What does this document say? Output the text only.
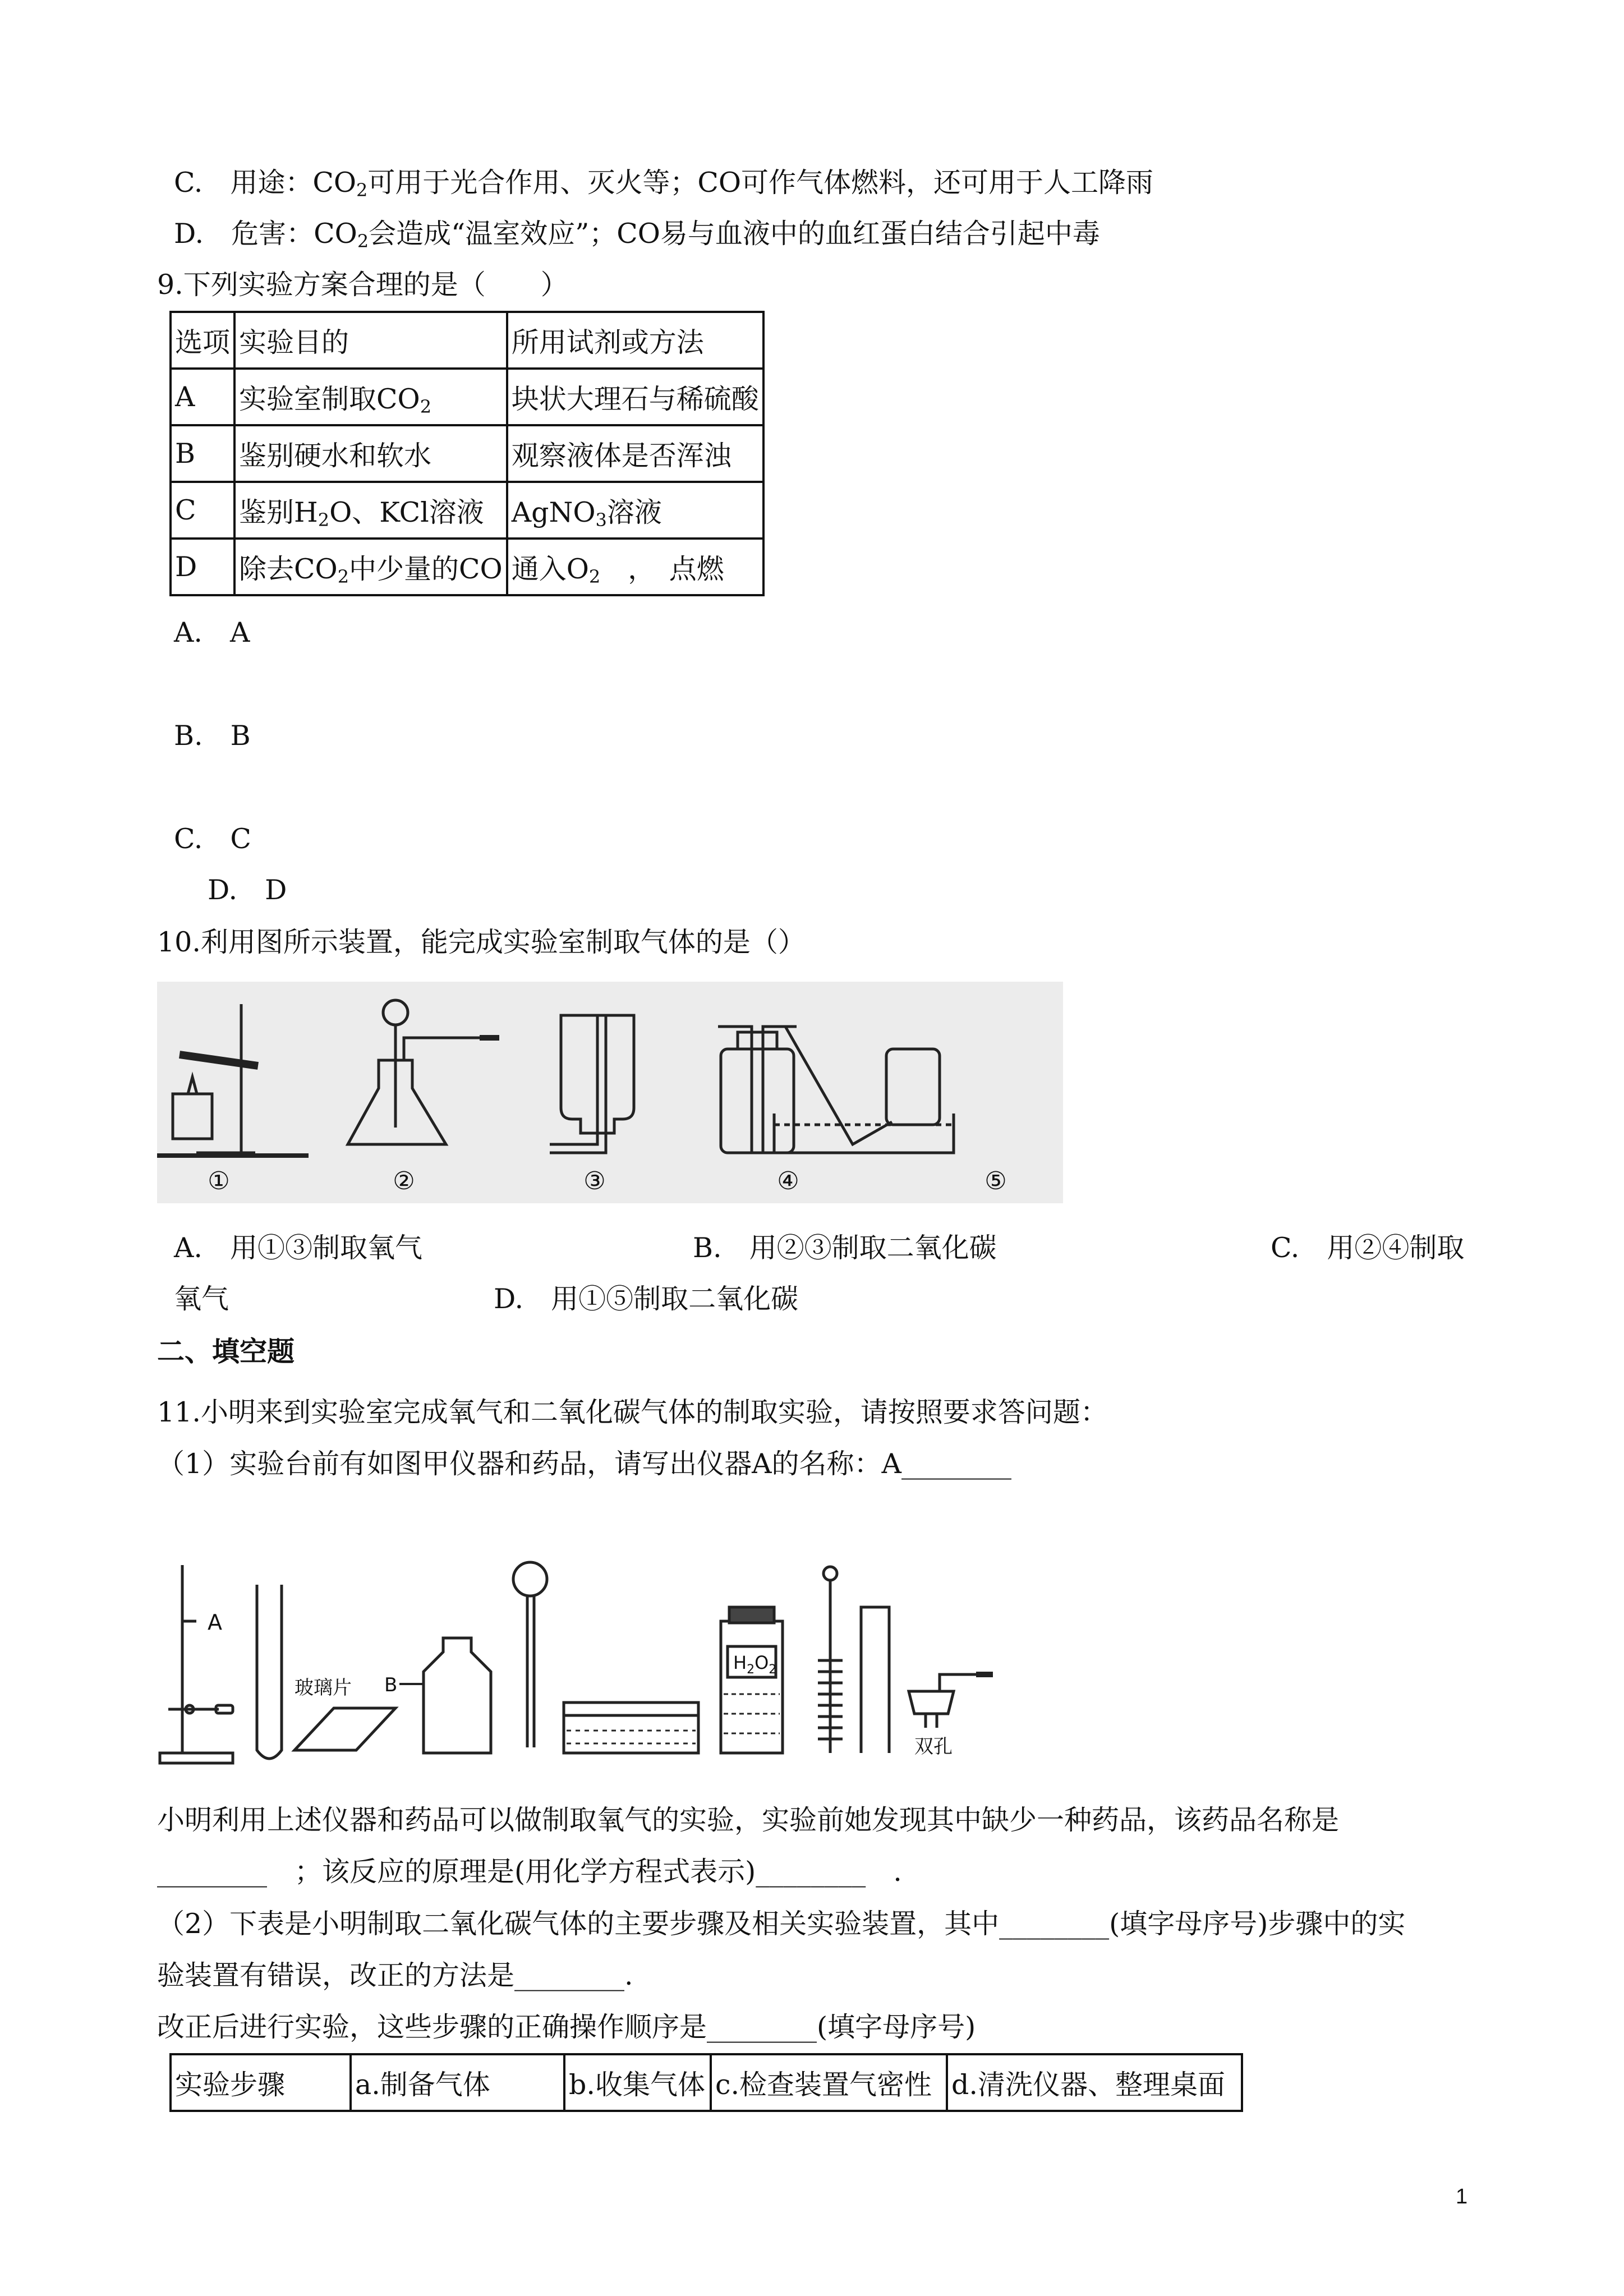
C.　 用途：$CO_2$可用于光合作用、灭火等；CO可作气体燃料，还可用于人工降雨
D.　 危害：$CO_2$会造成“温室效应”；CO易与血液中的血红蛋白结合引起中毒
9.下列实验方案合理的是（　　）
选项	实验目的	所用试剂或方法
A	实验室制取$CO_2$	块状大理石与稀硫酸
B	鉴别硬水和软水	观察液体是否浑浊
C	鉴别$H_2O$、KCl溶液	AgNO$_3$溶液
D	除去$CO_2$中少量的CO	通入$O_2$　，　点燃
A.　A
B.　B
C.　C
D.　D
10.利用图所示装置，能完成实验室制取气体的是（）
①	②	③	④	⑤
A.　用①③制取氧气	B.　用②③制取二氧化碳	C.　用②④制取
氧气	D.　用①⑤制取二氧化碳
二、填空题
11.小明来到实验室完成氧气和二氧化碳气体的制取实验，请按照要求答问题：
（1）实验台前有如图甲仪器和药品，请写出仪器A的名称：A________
A
玻璃片 B
$H_2O_2$
双孔
小明利用上述仪器和药品可以做制取氧气的实验，实验前她发现其中缺少一种药品，该药品名称是
________　；该反应的原理是(用化学方程式表示)________　.
（2）下表是小明制取二氧化碳气体的主要步骤及相关实验装置，其中________(填字母序号)步骤中的实
验装置有错误，改正的方法是________.
改正后进行实验，这些步骤的正确操作顺序是________(填字母序号)
实验步骤	a.制备气体	b.收集气体	c.检查装置气密性	d.清洗仪器、整理桌面
1
